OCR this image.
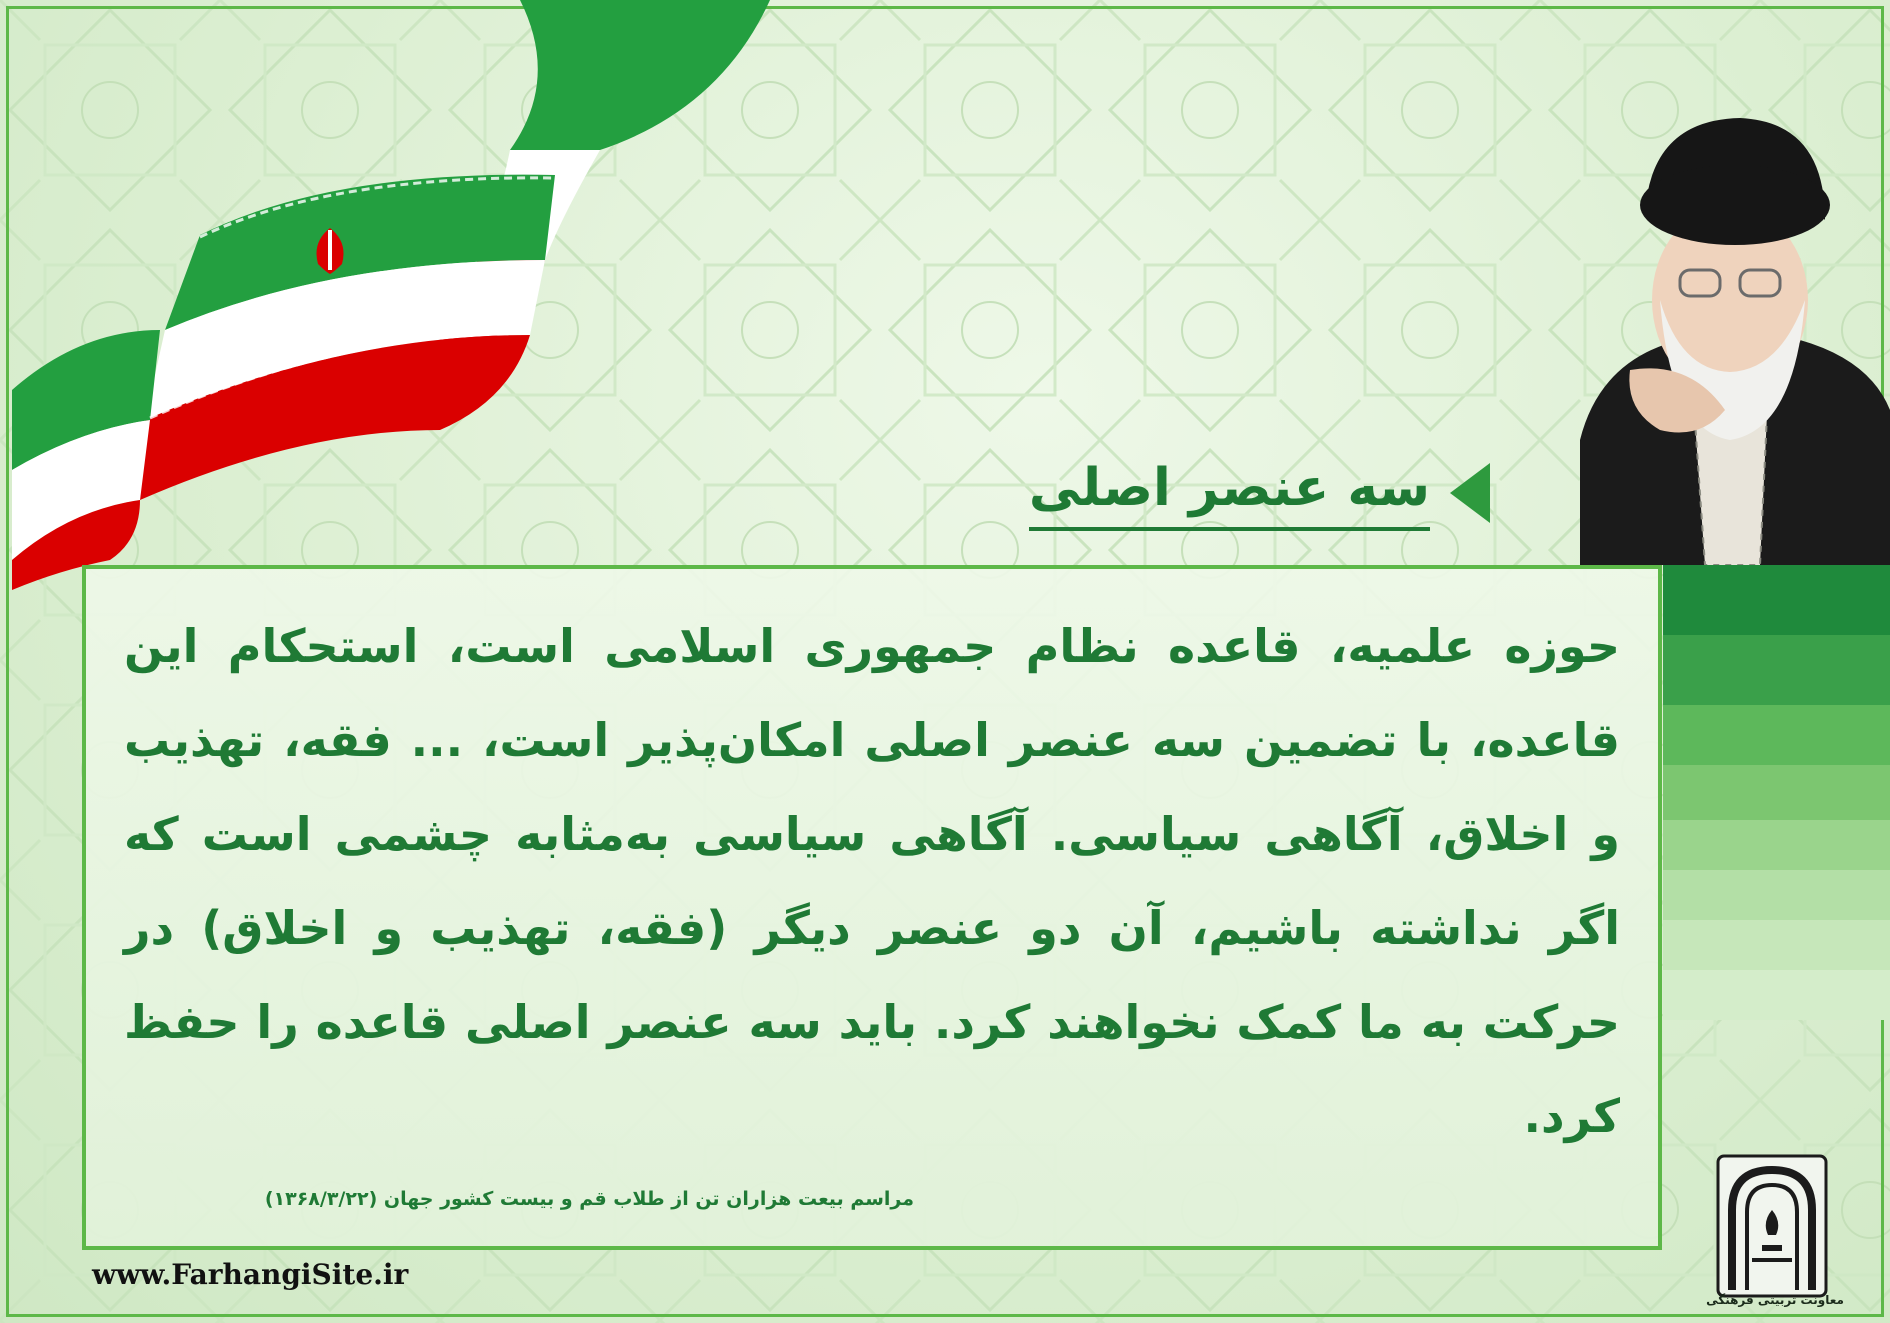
سه عنصر اصلی
حوزه علمیه، قاعده نظام جمهوری اسلامی است، استحکام این قاعده، با تضمین سه عنصر اصلی امکان‌پذیر است، ... فقه، تهذیب و اخلاق، آگاهی سیاسی. آگاهی سیاسی به‌مثابه چشمی است که اگر نداشته باشیم، آن دو عنصر دیگر (فقه، تهذیب و اخلاق) در حرکت به ما کمک نخواهند کرد. باید سه عنصر اصلی قاعده را حفظ کرد.
مراسم بیعت هزاران تن از طلاب قم و بیست کشور جهان (۱۳۶۸/۳/۲۲)
معاونت تربیتی فرهنگی
www.FarhangiSite.ir
